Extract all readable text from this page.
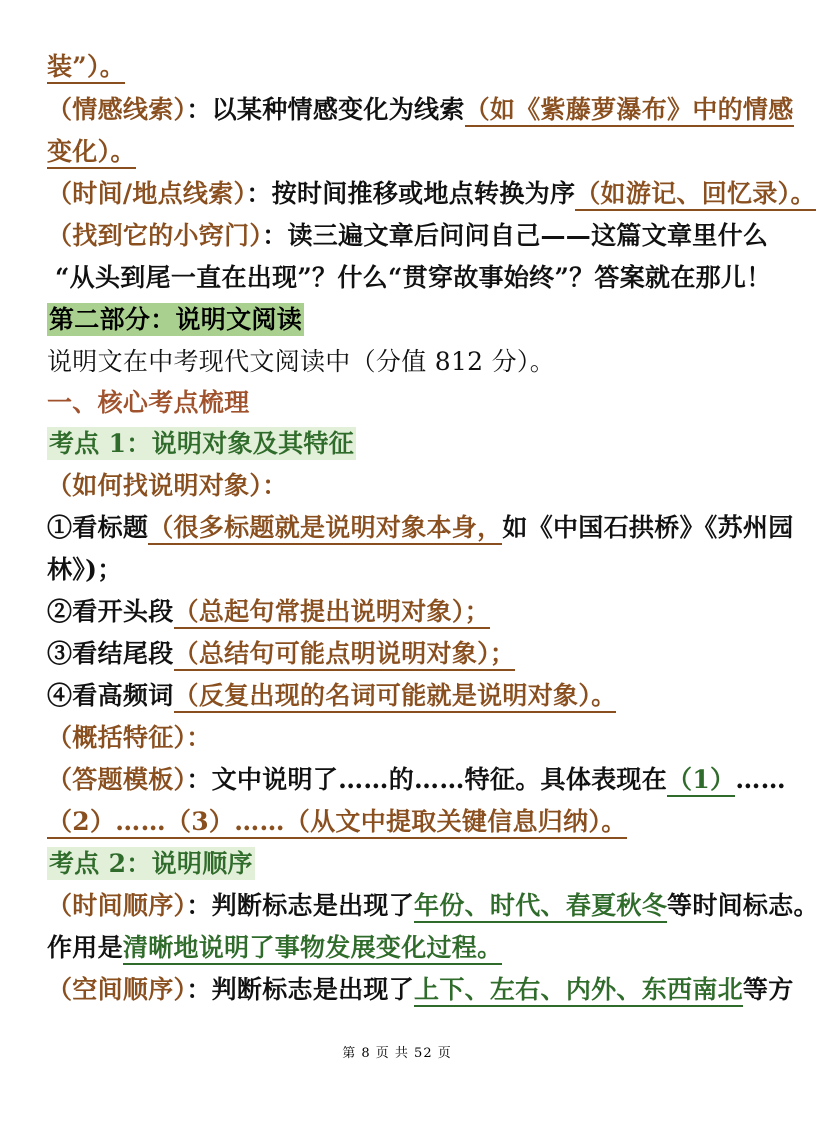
装”）。
（情感线索）：以某种情感变化为线索（如《紫藤萝瀑布》中的情感
变化）。
（时间/地点线索）：按时间推移或地点转换为序（如游记、回忆录）。
（找到它的小窍门）：读三遍文章后问问自己——这篇文章里什么
“从头到尾一直在出现”？什么“贯穿故事始终”？答案就在那儿！
第二部分：说明文阅读
说明文在中考现代文阅读中（分值 812 分）。
一、核心考点梳理
考点 1：说明对象及其特征
（如何找说明对象）：
①看标题（很多标题就是说明对象本身，如《中国石拱桥》《苏州园
林》)；
②看开头段（总起句常提出说明对象）；
③看结尾段（总结句可能点明说明对象）；
④看高频词（反复出现的名词可能就是说明对象）。
（概括特征）：
（答题模板）：文中说明了……的……特征。具体表现在（1）……
（2）……（3）……（从文中提取关键信息归纳）。
考点 2：说明顺序
（时间顺序）：判断标志是出现了年份、时代、春夏秋冬等时间标志。
作用是清晰地说明了事物发展变化过程。
（空间顺序）：判断标志是出现了上下、左右、内外、东西南北等方
第 8 页 共 52 页
